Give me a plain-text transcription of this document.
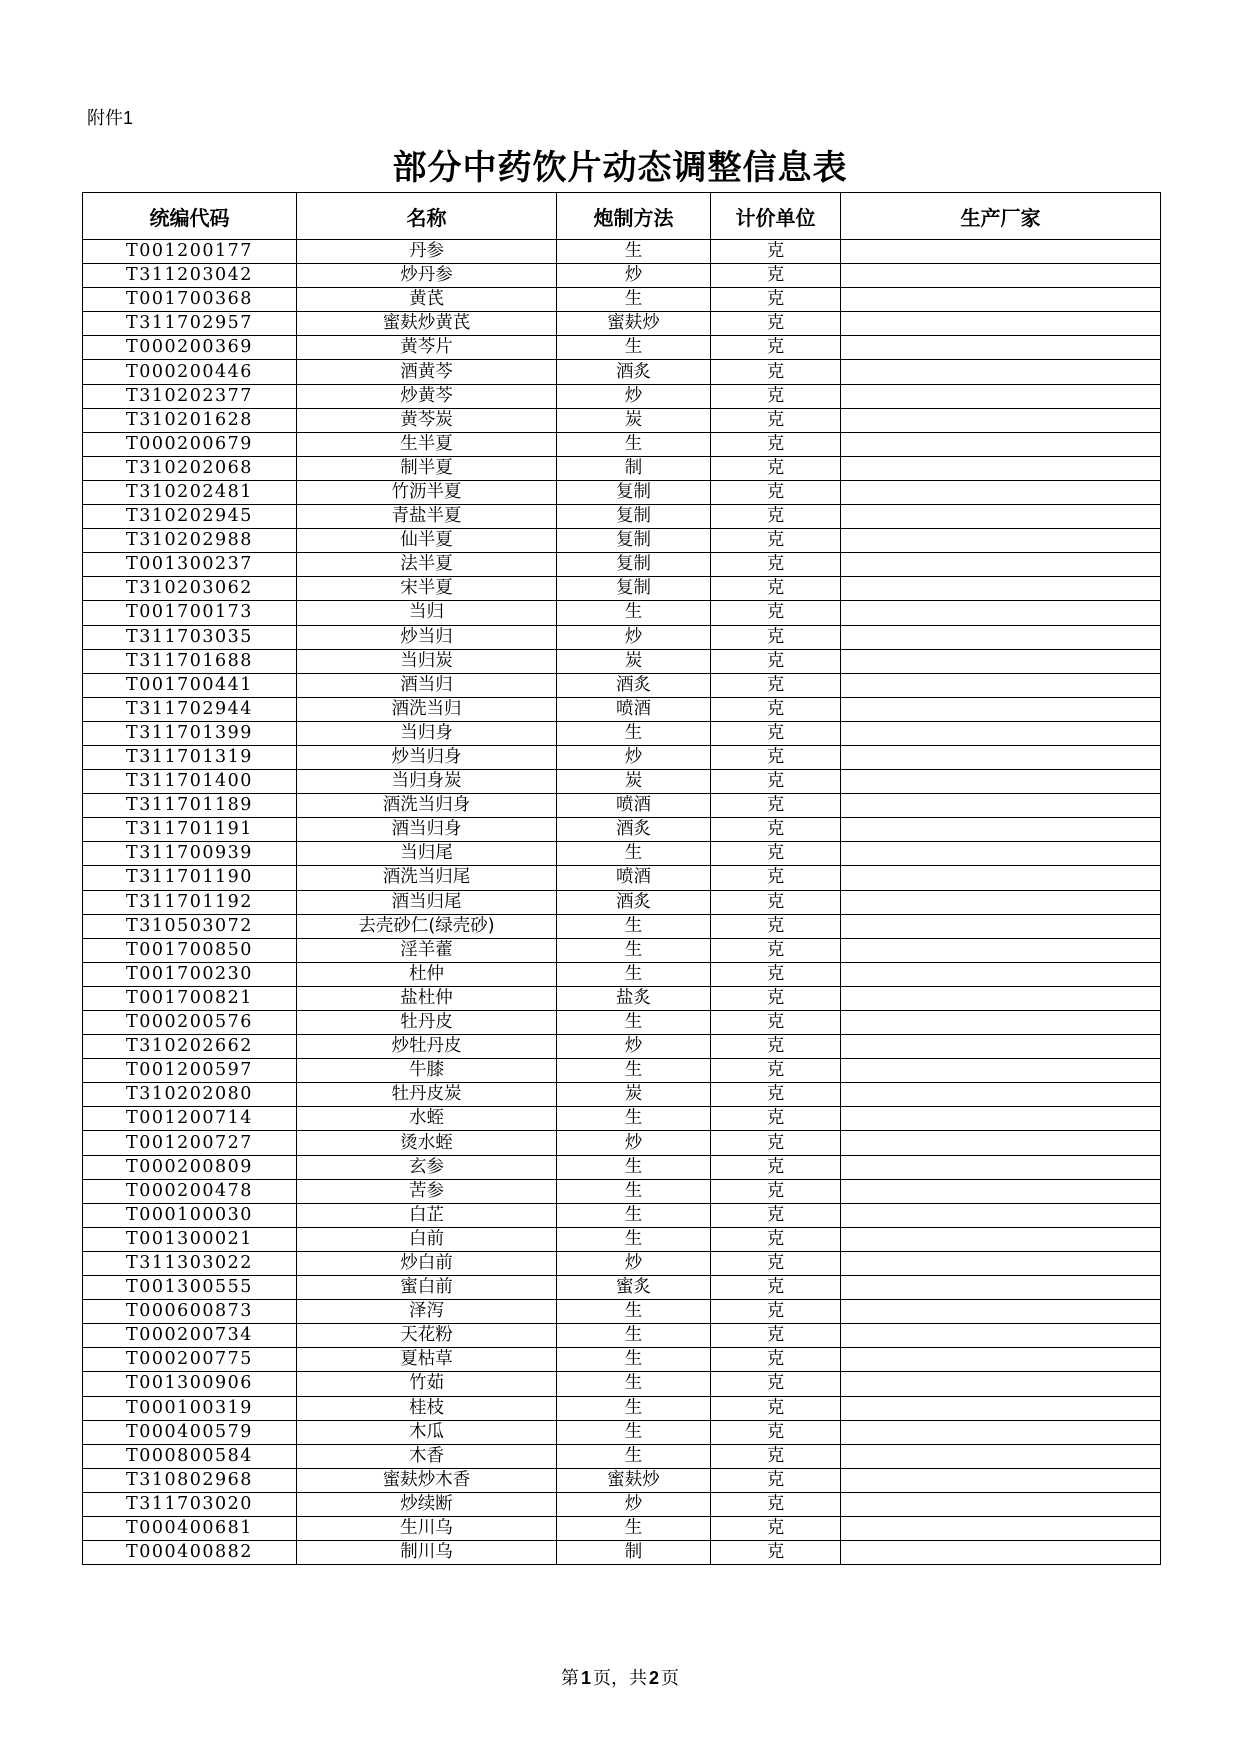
附件1
部分中药饮片动态调整信息表
统编代码	名称	炮制方法	计价单位	生产厂家
T001200177	丹参	生	克	
T311203042	炒丹参	炒	克	
T001700368	黄芪	生	克	
T311702957	蜜麸炒黄芪	蜜麸炒	克	
T000200369	黄芩片	生	克	
T000200446	酒黄芩	酒炙	克	
T310202377	炒黄芩	炒	克	
T310201628	黄芩炭	炭	克	
T000200679	生半夏	生	克	
T310202068	制半夏	制	克	
T310202481	竹沥半夏	复制	克	
T310202945	青盐半夏	复制	克	
T310202988	仙半夏	复制	克	
T001300237	法半夏	复制	克	
T310203062	宋半夏	复制	克	
T001700173	当归	生	克	
T311703035	炒当归	炒	克	
T311701688	当归炭	炭	克	
T001700441	酒当归	酒炙	克	
T311702944	酒洗当归	喷酒	克	
T311701399	当归身	生	克	
T311701319	炒当归身	炒	克	
T311701400	当归身炭	炭	克	
T311701189	酒洗当归身	喷酒	克	
T311701191	酒当归身	酒炙	克	
T311700939	当归尾	生	克	
T311701190	酒洗当归尾	喷酒	克	
T311701192	酒当归尾	酒炙	克	
T310503072	去壳砂仁(绿壳砂)	生	克	
T001700850	淫羊藿	生	克	
T001700230	杜仲	生	克	
T001700821	盐杜仲	盐炙	克	
T000200576	牡丹皮	生	克	
T310202662	炒牡丹皮	炒	克	
T001200597	牛膝	生	克	
T310202080	牡丹皮炭	炭	克	
T001200714	水蛭	生	克	
T001200727	烫水蛭	炒	克	
T000200809	玄参	生	克	
T000200478	苦参	生	克	
T000100030	白芷	生	克	
T001300021	白前	生	克	
T311303022	炒白前	炒	克	
T001300555	蜜白前	蜜炙	克	
T000600873	泽泻	生	克	
T000200734	天花粉	生	克	
T000200775	夏枯草	生	克	
T001300906	竹茹	生	克	
T000100319	桂枝	生	克	
T000400579	木瓜	生	克	
T000800584	木香	生	克	
T310802968	蜜麸炒木香	蜜麸炒	克	
T311703020	炒续断	炒	克	
T000400681	生川乌	生	克	
T000400882	制川乌	制	克	
第 1 页，共 2 页
